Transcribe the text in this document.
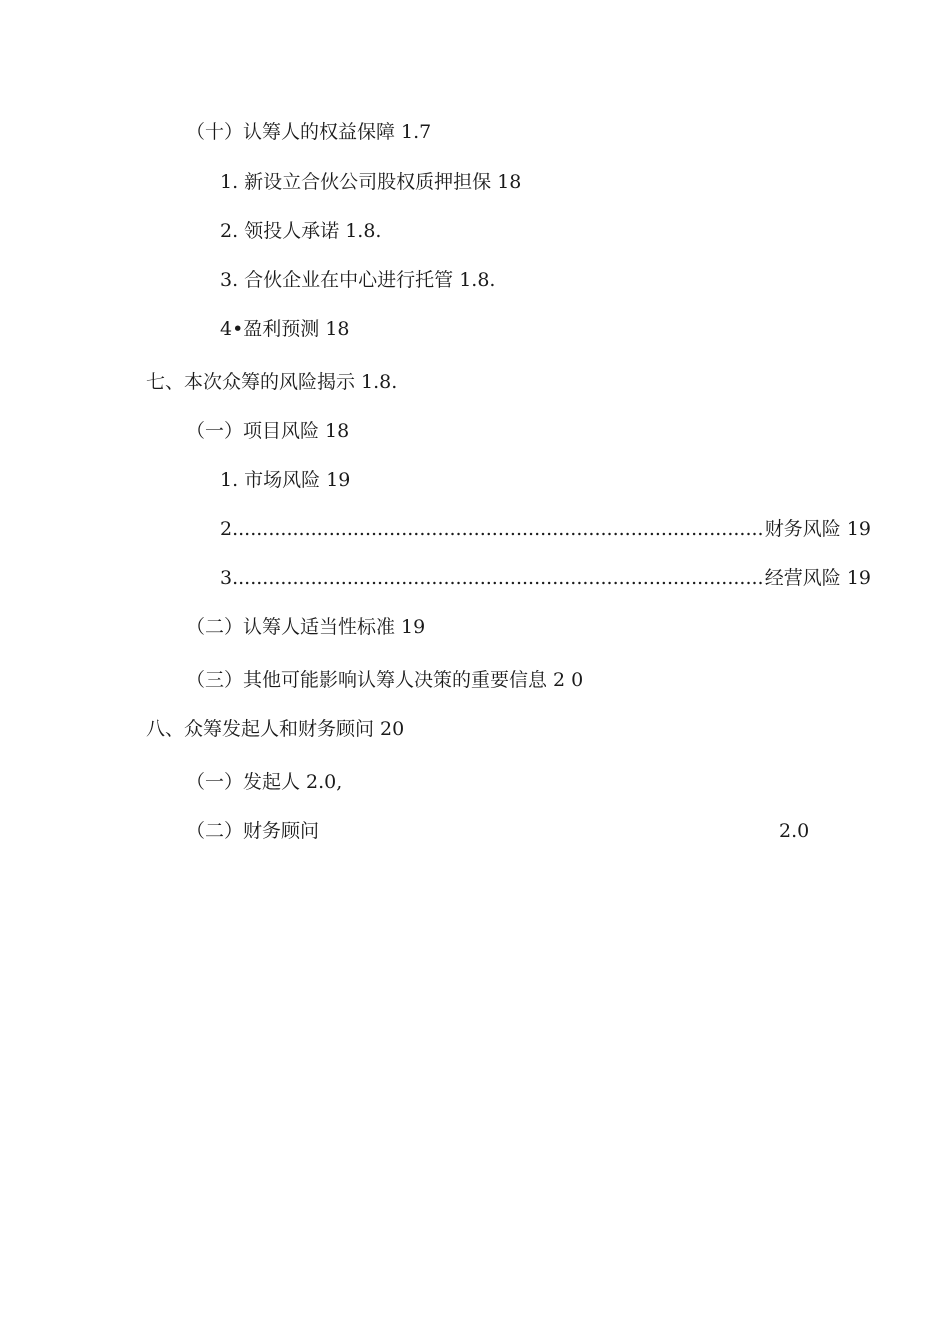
（十）认筹人的权益保障 1.7
1. 新设立合伙公司股权质押担保 18
2. 领投人承诺 1.8.
3. 合伙企业在中心进行托管 1.8.
4•盈利预测 18
七、本次众筹的风险揭示 1.8.
（一）项目风险 18
1. 市场风险 19
2 .....	财务风险 19
3 .....	经营风险 19
（二）认筹人适当性标准 19
（三）其他可能影响认筹人决策的重要信息 2 0
八、众筹发起人和财务顾问 20
（一）发起人 2.0,
（二）财务顾问	2.0
